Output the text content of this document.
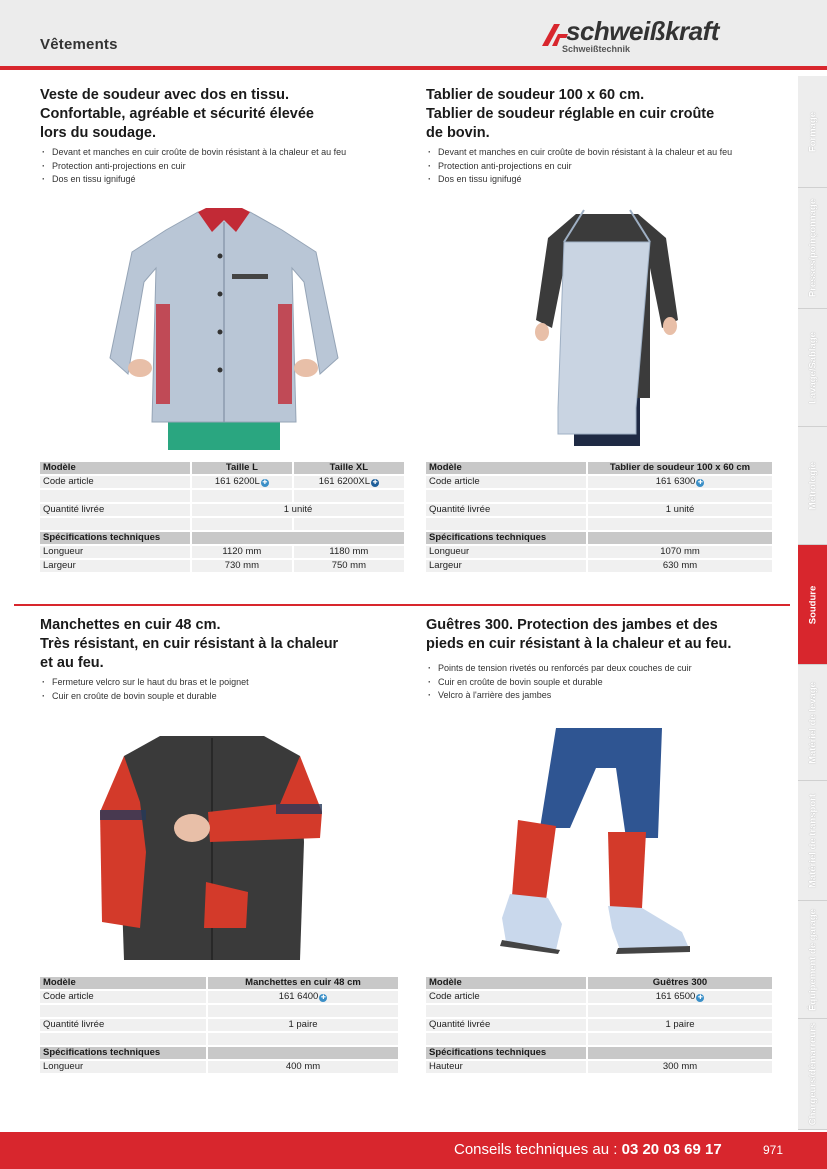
Vêtements	schweißkraft
Schweißtechnik
Formage
Presses/poinçonnage
Lavage/Sablage
Métrologie
Soudure
Matériel de levage
Matériel de transport
Équipement de garage
Chargeurs/démarreurs
Veste de soudeur avec dos en tissu.
Confortable, agréable et sécurité élevée
lors du soudage.
· Devant et manches en cuir croûte de bovin résistant à la chaleur et au feu
· Protection anti-projections en cuir
· Dos en tissu ignifugé
Modèle	Taille L	Taille XL
Code article	161 6200L ✚	161 6200XL ✚

Quantité livrée	1 unité	

Spécifications techniques		
Longueur	1120 mm	1180 mm
Largeur	730 mm	750 mm
Tablier de soudeur 100 x 60 cm.
Tablier de soudeur réglable en cuir croûte
de bovin.
· Devant et manches en cuir croûte de bovin résistant à la chaleur et au feu
· Protection anti-projections en cuir
· Dos en tissu ignifugé
Modèle	Tablier de soudeur 100 x 60 cm
Code article	161 6300 ✚

Quantité livrée	1 unité

Spécifications techniques	
Longueur	1070 mm
Largeur	630 mm
Manchettes en cuir 48 cm.
Très résistant, en cuir résistant à la chaleur
et au feu.
· Fermeture velcro sur le haut du bras et le poignet
· Cuir en croûte de bovin souple et durable
Modèle	Manchettes en cuir 48 cm
Code article	161 6400 ✚

Quantité livrée	1 paire

Spécifications techniques	
Longueur	400 mm
Guêtres 300. Protection des jambes et des
pieds en cuir résistant à la chaleur et au feu.
· Points de tension rivetés ou renforcés par deux couches de cuir
· Cuir en croûte de bovin souple et durable
· Velcro à l'arrière des jambes
Modèle	Guêtres 300
Code article	161 6500 ✚

Quantité livrée	1 paire

Spécifications techniques	
Hauteur	300 mm
Conseils techniques au : 03 20 03 69 17	971
